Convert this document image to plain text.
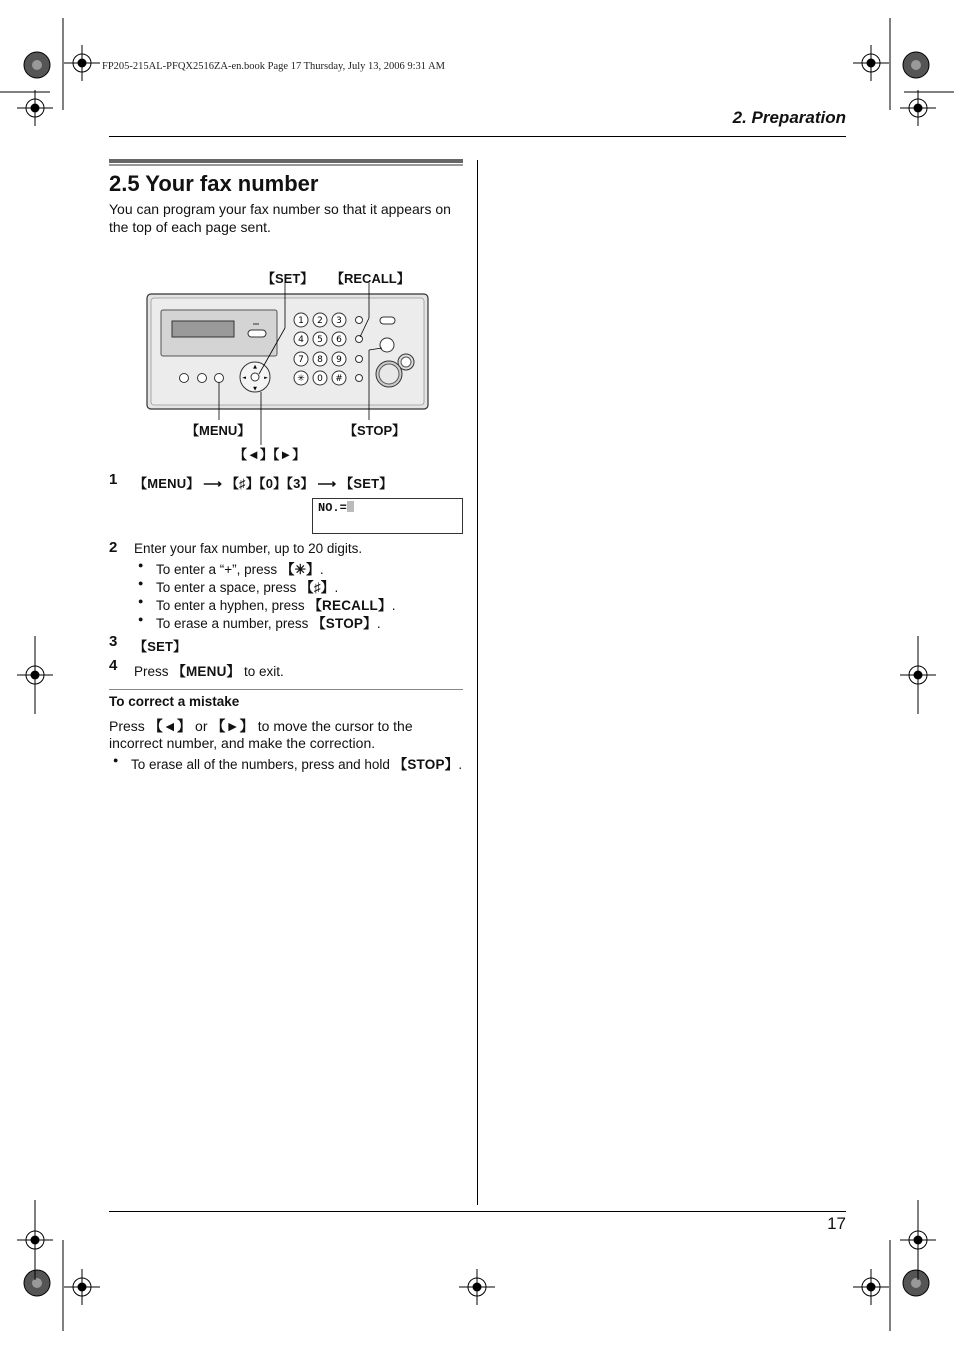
FP205-215AL-PFQX2516ZA-en.book Page 17 Thursday, July 13, 2006 9:31 AM
2. Preparation
2.5 Your fax number
You can program your fax number so that it appears on the top of each page sent.
【SET】 【RECALL】
【MENU】	【STOP】
【◄】【►】
▲
▼
◄	►
1 2 3
4 5 6
7 8 9
✳ 0 #
1 【MENU】 ⟶ 【♯】【0】【3】 ⟶ 【SET】
NO.=
2 Enter your fax number, up to 20 digits.
● To enter a “+”, press 【✳】.
● To enter a space, press 【♯】.
● To enter a hyphen, press 【RECALL】.
● To erase a number, press 【STOP】.
3 【SET】
4 Press 【MENU】 to exit.
To correct a mistake
Press 【◄】 or 【►】 to move the cursor to the incorrect number, and make the correction.
● To erase all of the numbers, press and hold 【STOP】.
17
